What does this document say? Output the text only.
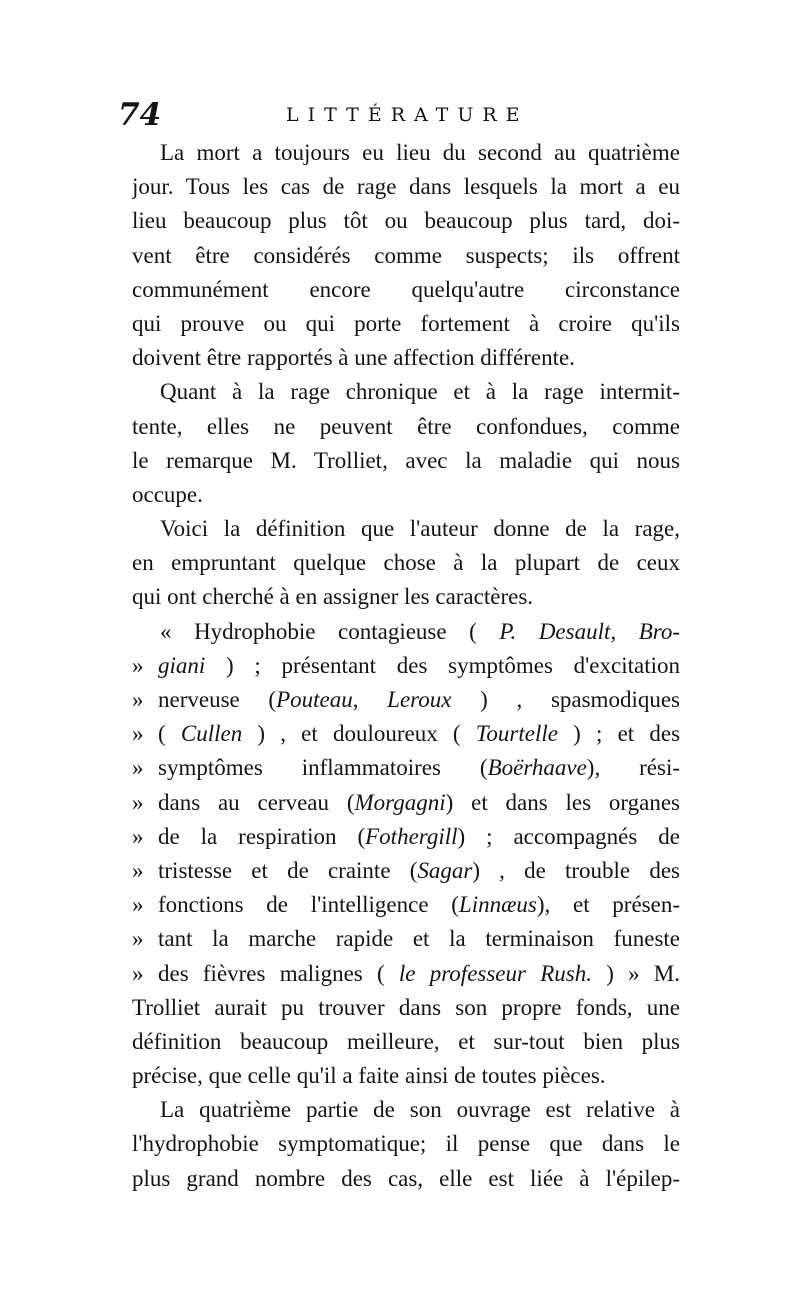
74	LITTÉRATURE
La mort a toujours eu lieu du second au quatrième
jour. Tous les cas de rage dans lesquels la mort a eu
lieu beaucoup plus tôt ou beaucoup plus tard, doi-
vent être considérés comme suspects; ils offrent
communément encore quelqu'autre circonstance
qui prouve ou qui porte fortement à croire qu'ils
doivent être rapportés à une affection différente.
Quant à la rage chronique et à la rage intermit-
tente, elles ne peuvent être confondues, comme
le remarque M. Trolliet, avec la maladie qui nous
occupe.
Voici la définition que l'auteur donne de la rage,
en empruntant quelque chose à la plupart de ceux
qui ont cherché à en assigner les caractères.
« Hydrophobie contagieuse ( P. Desault, Bro-
» giani ) ; présentant des symptômes d'excitation
» nerveuse (Pouteau, Leroux ) , spasmodiques
» ( Cullen ) , et douloureux ( Tourtelle ) ; et des
» symptômes inflammatoires (Boërhaave), rési-
» dans au cerveau (Morgagni) et dans les organes
» de la respiration (Fothergill) ; accompagnés de
» tristesse et de crainte (Sagar) , de trouble des
» fonctions de l'intelligence (Linnæus), et présen-
» tant la marche rapide et la terminaison funeste
» des fièvres malignes ( le professeur Rush. ) » M.
Trolliet aurait pu trouver dans son propre fonds, une
définition beaucoup meilleure, et sur-tout bien plus
précise, que celle qu'il a faite ainsi de toutes pièces.
La quatrième partie de son ouvrage est relative à
l'hydrophobie symptomatique; il pense que dans le
plus grand nombre des cas, elle est liée à l'épilep-
